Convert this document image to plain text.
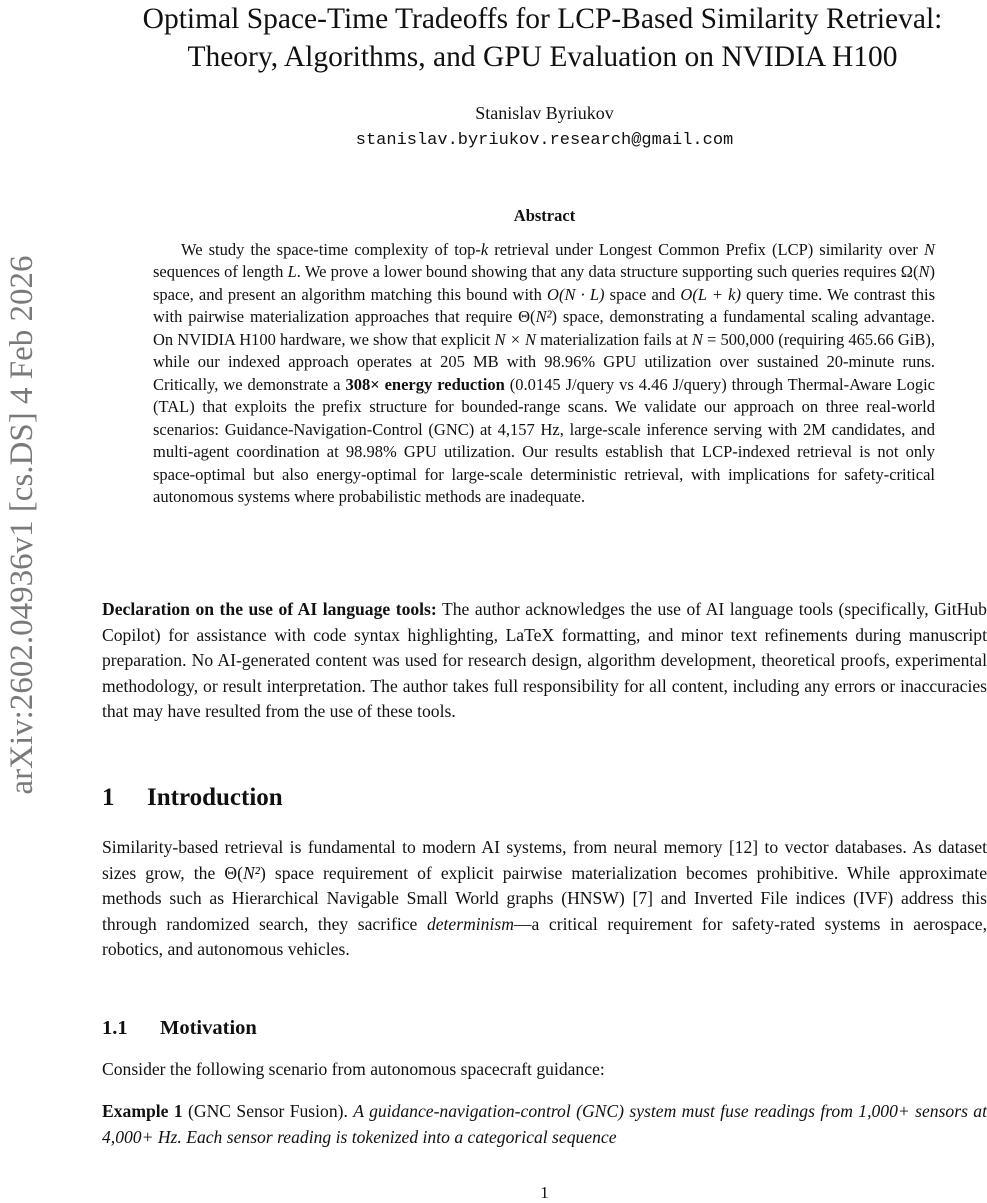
arXiv:2602.04936v1 [cs.DS] 4 Feb 2026
Optimal Space-Time Tradeoffs for LCP-Based Similarity Retrieval:
Theory, Algorithms, and GPU Evaluation on NVIDIA H100
Stanislav Byriukov
stanislav.byriukov.research@gmail.com
Abstract

We study the space-time complexity of top-k retrieval under Longest Common Prefix (LCP) similarity over N sequences of length L. We prove a lower bound showing that any data structure supporting such queries requires Ω(N) space, and present an algorithm matching this bound with O(N · L) space and O(L + k) query time. We contrast this with pairwise materialization approaches that require Θ(N²) space, demonstrating a fundamental scaling advantage. On NVIDIA H100 hardware, we show that explicit N × N materialization fails at N = 500,000 (requiring 465.66 GiB), while our indexed approach operates at 205 MB with 98.96% GPU utilization over sustained 20-minute runs. Critically, we demonstrate a 308× energy reduction (0.0145 J/query vs 4.46 J/query) through Thermal-Aware Logic (TAL) that exploits the prefix structure for bounded-range scans. We validate our approach on three real-world scenarios: Guidance-Navigation-Control (GNC) at 4,157 Hz, large-scale inference serving with 2M candidates, and multi-agent coordination at 98.98% GPU utilization. Our results establish that LCP-indexed retrieval is not only space-optimal but also energy-optimal for large-scale deterministic retrieval, with implications for safety-critical autonomous systems where probabilistic methods are inadequate.

Declaration on the use of AI language tools: The author acknowledges the use of AI language tools (specifically, GitHub Copilot) for assistance with code syntax highlighting, LaTeX formatting, and minor text refinements during manuscript preparation. No AI-generated content was used for research design, algorithm development, theoretical proofs, experimental methodology, or result interpretation. The author takes full responsibility for all content, including any errors or inaccuracies that may have resulted from the use of these tools.

1 Introduction

Similarity-based retrieval is fundamental to modern AI systems, from neural memory [12] to vector databases. As dataset sizes grow, the Θ(N²) space requirement of explicit pairwise materialization becomes prohibitive. While approximate methods such as Hierarchical Navigable Small World graphs (HNSW) [7] and Inverted File indices (IVF) address this through randomized search, they sacrifice determinism—a critical requirement for safety-rated systems in aerospace, robotics, and autonomous vehicles.

1.1 Motivation

Consider the following scenario from autonomous spacecraft guidance:

Example 1 (GNC Sensor Fusion). A guidance-navigation-control (GNC) system must fuse readings from 1,000+ sensors at 4,000+ Hz. Each sensor reading is tokenized into a categorical sequence

1
